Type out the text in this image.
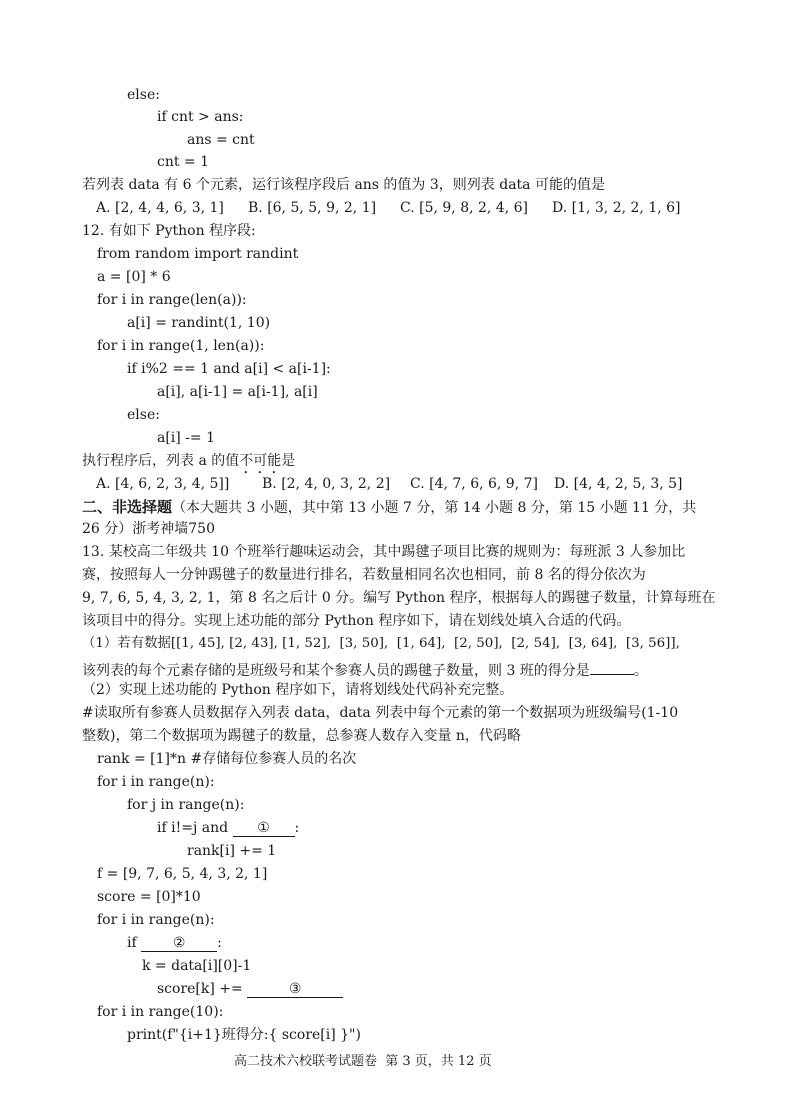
else:
if cnt > ans:
ans = cnt
cnt = 1
若列表 data 有 6 个元素，运行该程序段后 ans 的值为 3，则列表 data 可能的值是
A. [2, 4, 4, 6, 3, 1] B. [6, 5, 5, 9, 2, 1] C. [5, 9, 8, 2, 4, 6] D. [1, 3, 2, 2, 1, 6]
12. 有如下 Python 程序段:
from random import randint
a = [0] * 6
for i in range(len(a)):
a[i] = randint(1, 10)
for i in range(1, len(a)):
if i%2 == 1 and a[i] < a[i-1]:
a[i], a[i-1] = a[i-1], a[i]
else:
a[i] -= 1
执行程序后，列表 a 的值不可能是
A. [4, 6, 2, 3, 4, 5]] B. [2, 4, 0, 3, 2, 2] C. [4, 7, 6, 6, 9, 7] D. [4, 4, 2, 5, 3, 5]
二、非选择题（本大题共 3 小题，其中第 13 小题 7 分，第 14 小题 8 分，第 15 小题 11 分，共
26 分）浙考神墙750
13. 某校高二年级共 10 个班举行趣味运动会，其中踢毽子项目比赛的规则为：每班派 3 人参加比
赛，按照每人一分钟踢毽子的数量进行排名，若数量相同名次也相同，前 8 名的得分依次为
9, 7, 6, 5, 4, 3, 2, 1，第 8 名之后计 0 分。编写 Python 程序，根据每人的踢毽子数量，计算每班在
该项目中的得分。实现上述功能的部分 Python 程序如下，请在划线处填入合适的代码。
（1）若有数据[[1, 45], [2, 43], [1, 52],  [3, 50],  [1, 64],  [2, 50],  [2, 54],  [3, 64],  [3, 56]],
该列表的每个元素存储的是班级号和某个参赛人员的踢毽子数量，则 3 班的得分是	。
（2）实现上述功能的 Python 程序如下，请将划线处代码补充完整。
#读取所有参赛人员数据存入列表 data，data 列表中每个元素的第一个数据项为班级编号(1-10
整数)，第二个数据项为踢毽子的数量，总参赛人数存入变量 n，代码略
rank = [1]*n #存储每位参赛人员的名次
for i in range(n):
for j in range(n):
if i!=j and ① :
rank[i] += 1
f = [9, 7, 6, 5, 4, 3, 2, 1]
score = [0]*10
for i in range(n):
if ② :
k = data[i][0]-1
score[k] +=	③
for i in range(10):
print(f"{i+1}班得分:{ score[i] }")
高二技术六校联考试题卷  第 3 页，共 12 页
